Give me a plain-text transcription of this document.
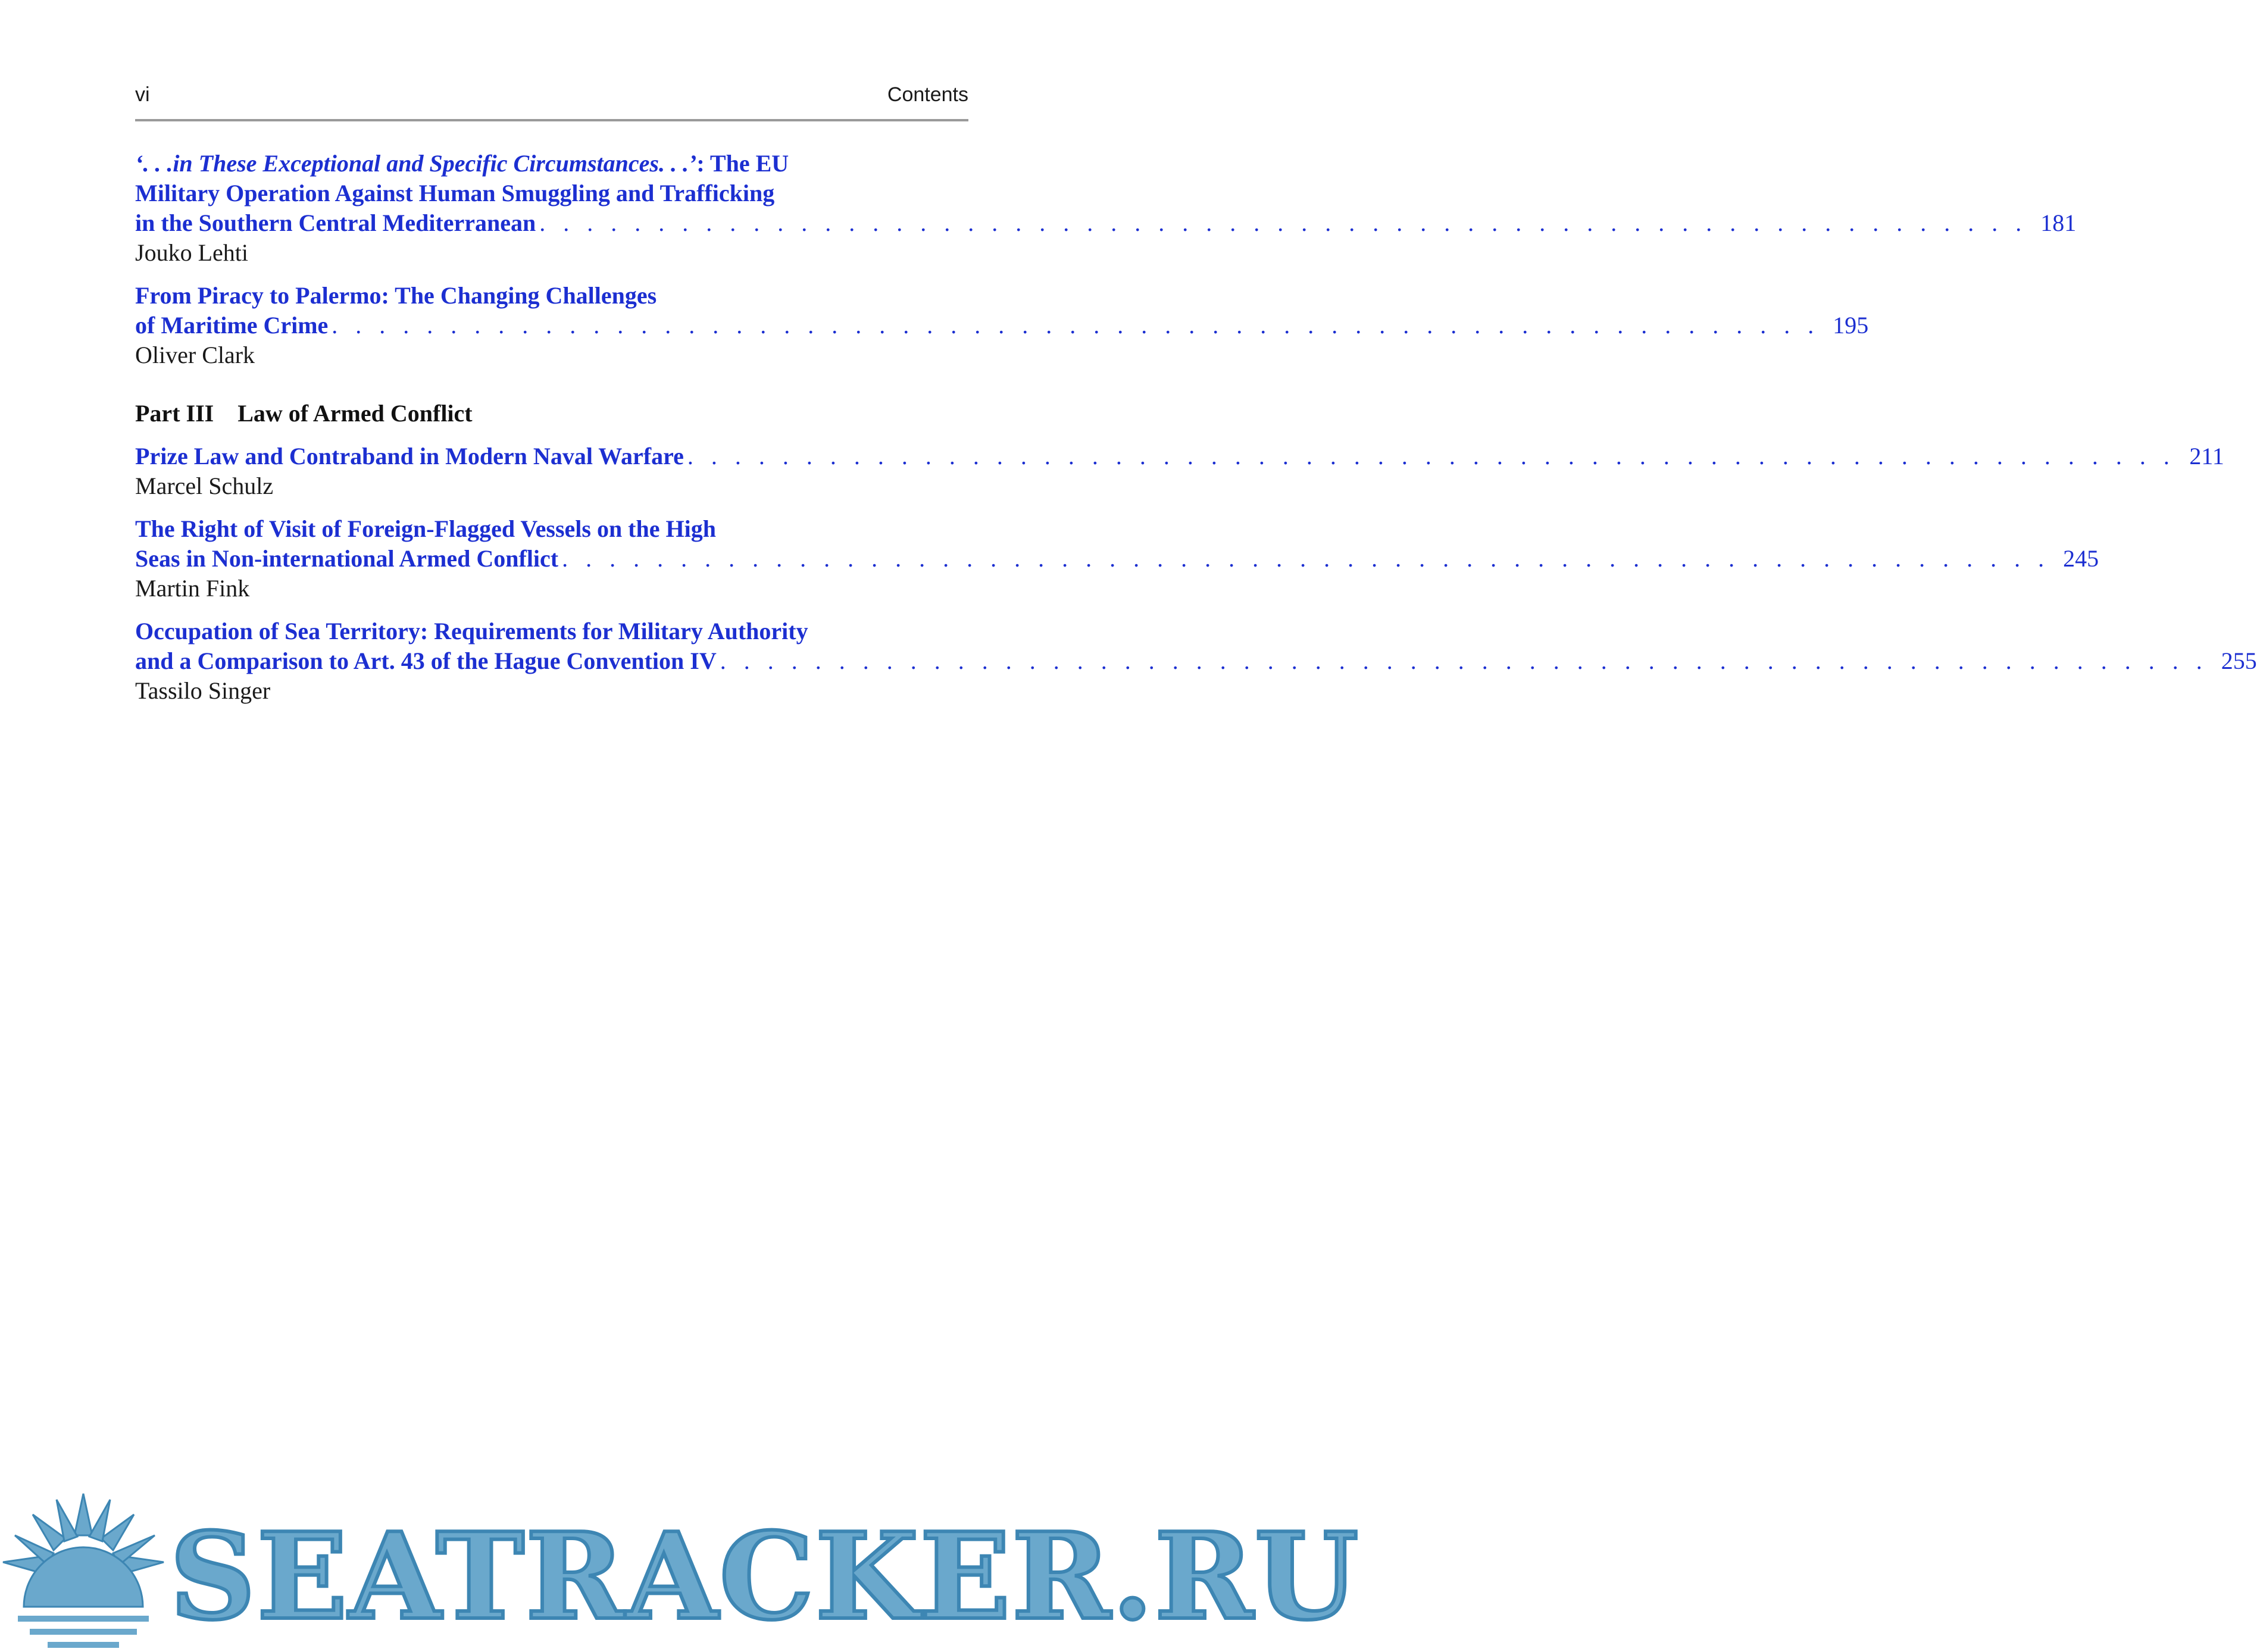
vi	Contents
‘. . .in These Exceptional and Specific Circumstances. . .’: The EU
Military Operation Against Human Smuggling and Trafficking
in the Southern Central Mediterranean . . . . . . . . . . . . . . . . . . . . . . . . . . . . . . . . . . . . . . . . . . . . . . . . . . . . . . . . . . . . . . . 181
Jouko Lehti
From Piracy to Palermo: The Changing Challenges
of Maritime Crime . . . . . . . . . . . . . . . . . . . . . . . . . . . . . . . . . . . . . . . . . . . . . . . . . . . . . . . . . . . . . . . 195
Oliver Clark
Part III Law of Armed Conflict
Prize Law and Contraband in Modern Naval Warfare . . . . . . . . . . . . . . . . . . . . . . . . . . . . . . . . . . . . . . . . . . . . . . . . . . . . . . . . . . . . . . . 211
Marcel Schulz
The Right of Visit of Foreign-Flagged Vessels on the High
Seas in Non-international Armed Conflict . . . . . . . . . . . . . . . . . . . . . . . . . . . . . . . . . . . . . . . . . . . . . . . . . . . . . . . . . . . . . . . 245
Martin Fink
Occupation of Sea Territory: Requirements for Military Authority
and a Comparison to Art. 43 of the Hague Convention IV . . . . . . . . . . . . . . . . . . . . . . . . . . . . . . . . . . . . . . . . . . . . . . . . . . . . . . . . . . . . . . . 255
Tassilo Singer
SEATRACKER.RU
